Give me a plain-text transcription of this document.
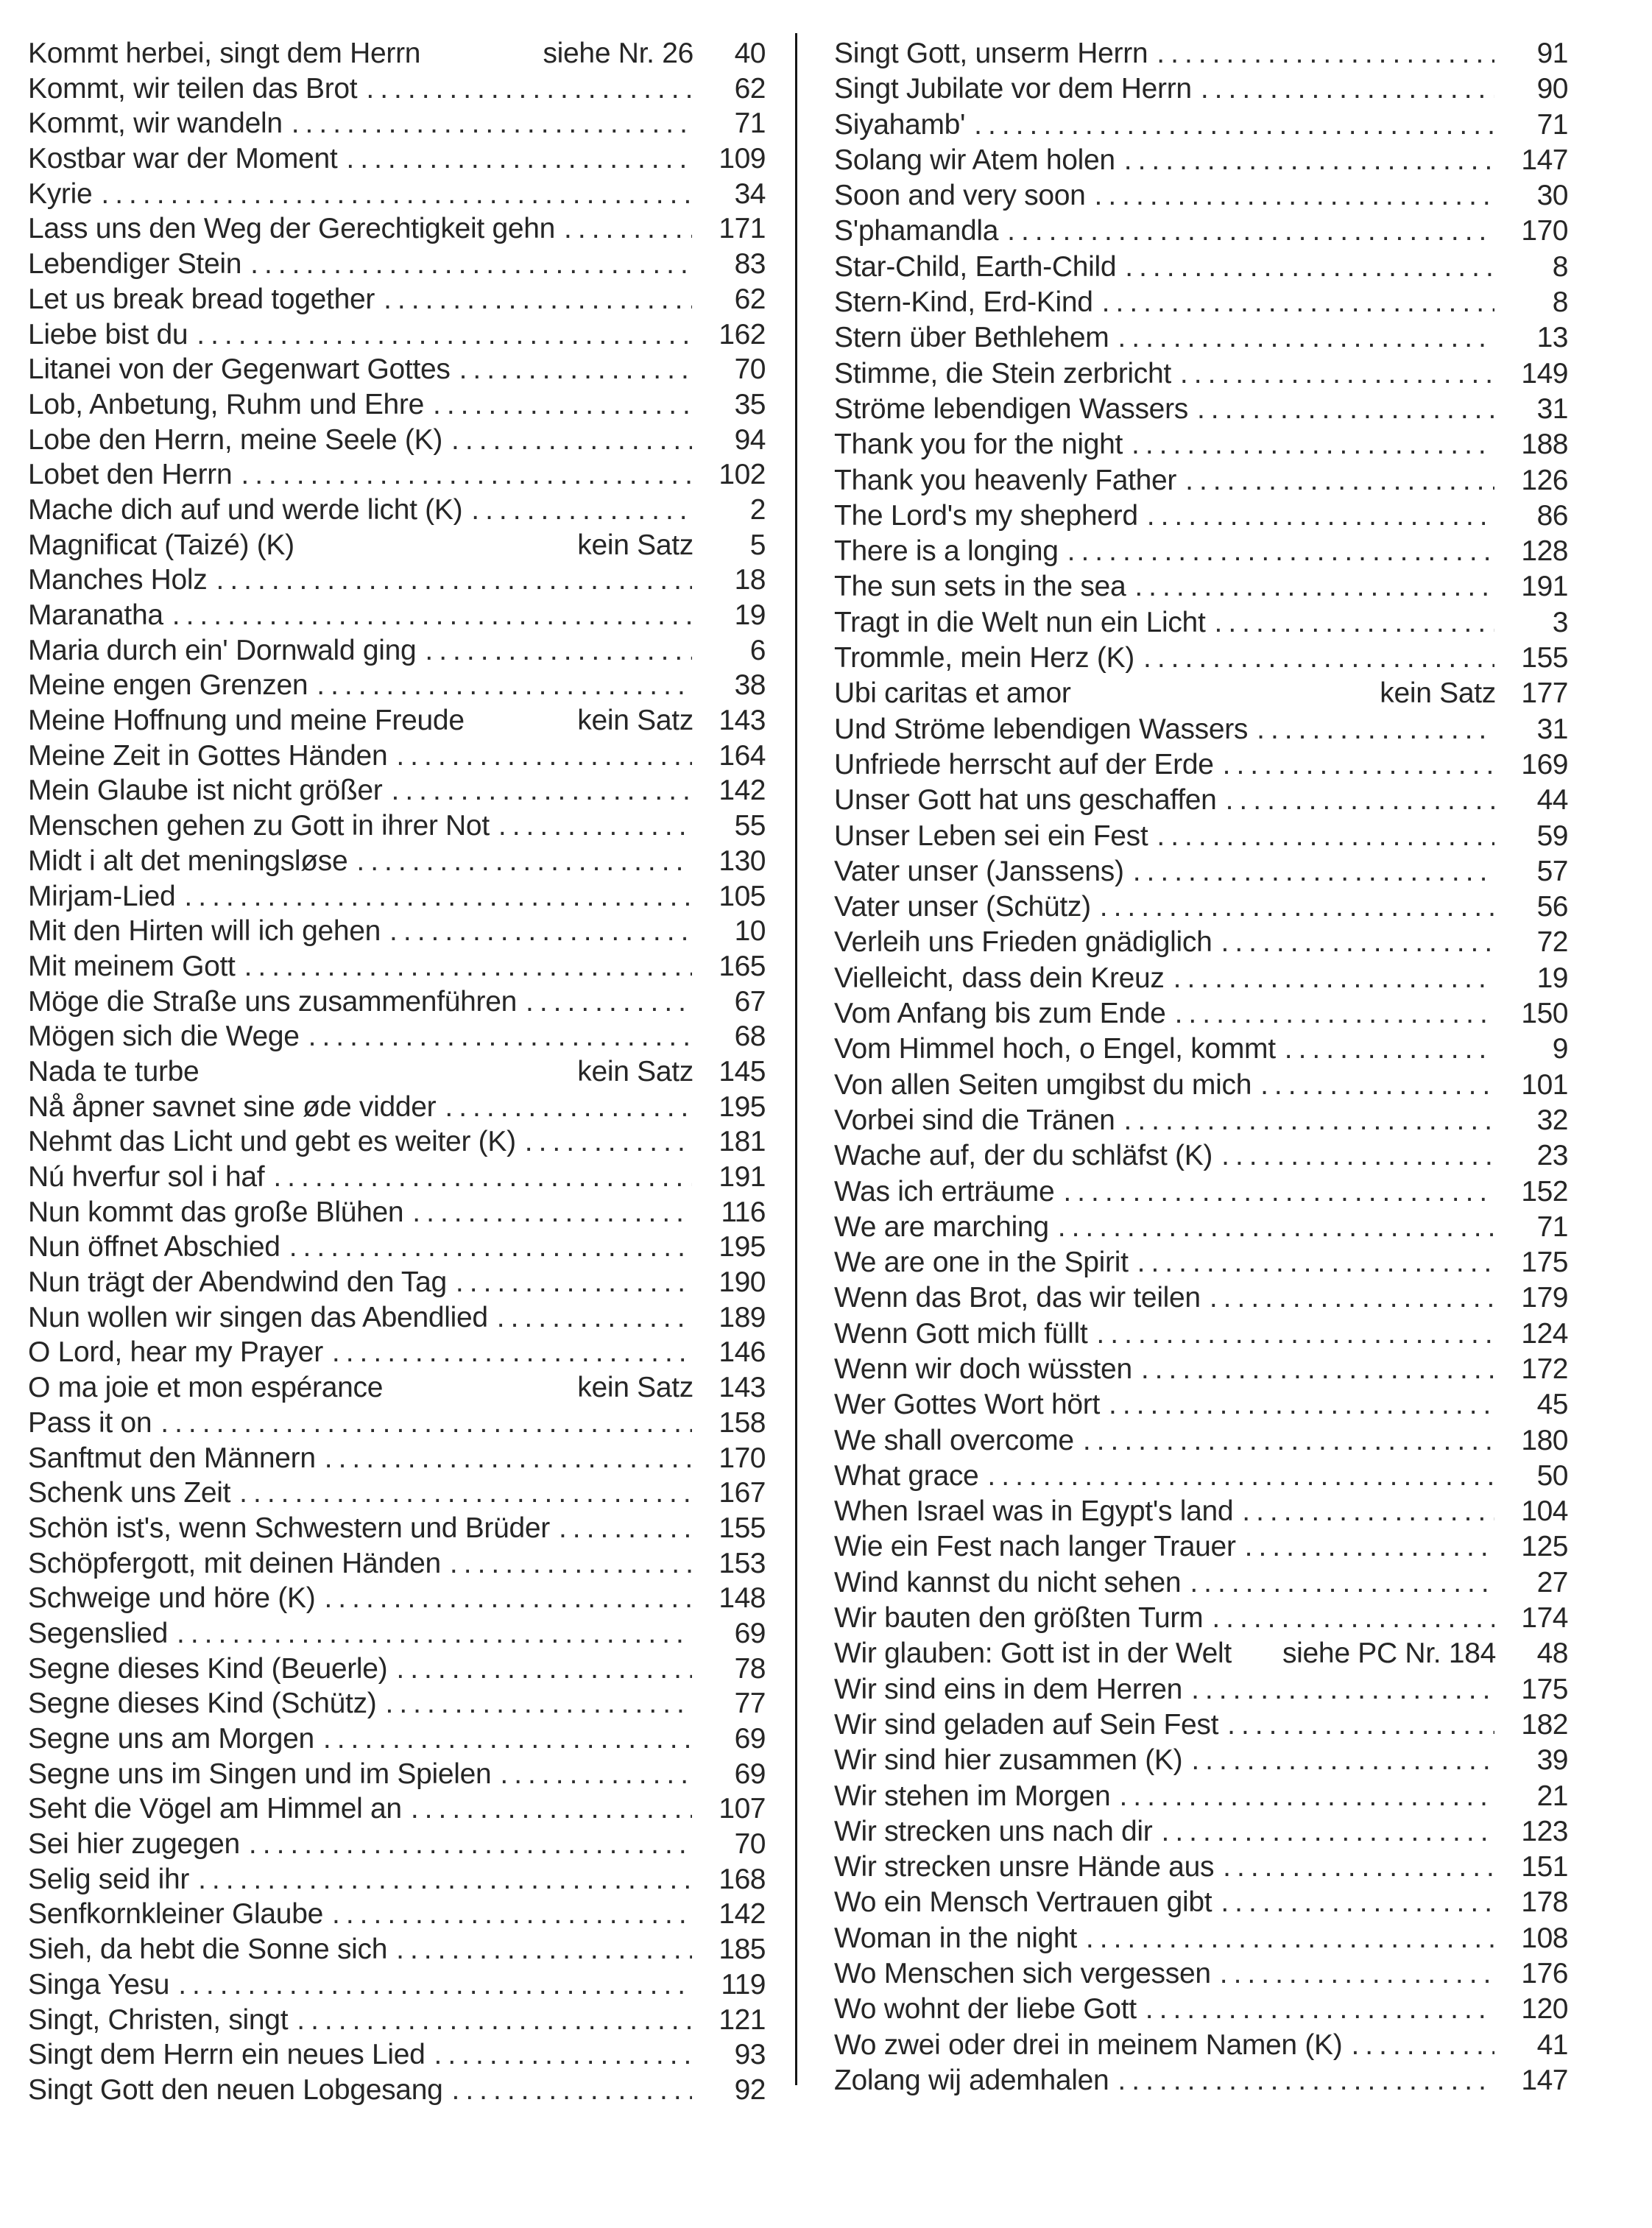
Kommt herbei, singt dem Herrn	siehe Nr. 26	40
Kommt, wir teilen das Brot .....	62
Kommt, wir wandeln .....	71
Kostbar war der Moment .....	109
Kyrie .....	34
Lass uns den Weg der Gerechtigkeit gehn .....	171
Lebendiger Stein .....	83
Let us break bread together .....	62
Liebe bist du .....	162
Litanei von der Gegenwart Gottes .....	70
Lob, Anbetung, Ruhm und Ehre .....	35
Lobe den Herrn, meine Seele (K) .....	94
Lobet den Herrn .....	102
Mache dich auf und werde licht (K) .....	2
Magnificat (Taizé) (K)	kein Satz	5
Manches Holz .....	18
Maranatha .....	19
Maria durch ein' Dornwald ging .....	6
Meine engen Grenzen .....	38
Meine Hoffnung und meine Freude	kein Satz 143
Meine Zeit in Gottes Händen .....	164
Mein Glaube ist nicht größer .....	142
Menschen gehen zu Gott in ihrer Not .....	55
Midt i alt det meningsløse .....	130
Mirjam-Lied .....	105
Mit den Hirten will ich gehen .....	10
Mit meinem Gott .....	165
Möge die Straße uns zusammenführen .....	67
Mögen sich die Wege .....	68
Nada te turbe	kein Satz 145
Nå åpner savnet sine øde vidder .....	195
Nehmt das Licht und gebt es weiter (K) .....	181
Nú hverfur sol i haf .....	191
Nun kommt das große Blühen .....	116
Nun öffnet Abschied .....	195
Nun trägt der Abendwind den Tag .....	190
Nun wollen wir singen das Abendlied .....	189
O Lord, hear my Prayer .....	146
O ma joie et mon espérance	kein Satz 143
Pass it on .....	158
Sanftmut den Männern .....	170
Schenk uns Zeit .....	167
Schön ist's, wenn Schwestern und Brüder .....	155
Schöpfergott, mit deinen Händen .....	153
Schweige und höre (K) .....	148
Segenslied .....	69
Segne dieses Kind (Beuerle) .....	78
Segne dieses Kind (Schütz) .....	77
Segne uns am Morgen .....	69
Segne uns im Singen und im Spielen .....	69
Seht die Vögel am Himmel an .....	107
Sei hier zugegen .....	70
Selig seid ihr .....	168
Senfkornkleiner Glaube .....	142
Sieh, da hebt die Sonne sich .....	185
Singa Yesu .....	119
Singt, Christen, singt .....	121
Singt dem Herrn ein neues Lied .....	93
Singt Gott den neuen Lobgesang .....	92
Singt Gott, unserm Herrn .....	91
Singt Jubilate vor dem Herrn .....	90
Siyahamb' .....	71
Solang wir Atem holen .....	147
Soon and very soon .....	30
S'phamandla .....	170
Star-Child, Earth-Child .....	8
Stern-Kind, Erd-Kind .....	8
Stern über Bethlehem .....	13
Stimme, die Stein zerbricht .....	149
Ströme lebendigen Wassers .....	31
Thank you for the night .....	188
Thank you heavenly Father .....	126
The Lord's my shepherd .....	86
There is a longing .....	128
The sun sets in the sea .....	191
Tragt in die Welt nun ein Licht .....	3
Trommle, mein Herz (K) .....	155
Ubi caritas et amor	kein Satz 177
Und Ströme lebendigen Wassers .....	31
Unfriede herrscht auf der Erde .....	169
Unser Gott hat uns geschaffen .....	44
Unser Leben sei ein Fest .....	59
Vater unser (Janssens) .....	57
Vater unser (Schütz) .....	56
Verleih uns Frieden gnädiglich .....	72
Vielleicht, dass dein Kreuz .....	19
Vom Anfang bis zum Ende .....	150
Vom Himmel hoch, o Engel, kommt .....	9
Von allen Seiten umgibst du mich .....	101
Vorbei sind die Tränen .....	32
Wache auf, der du schläfst (K) .....	23
Was ich erträume .....	152
We are marching .....	71
We are one in the Spirit .....	175
Wenn das Brot, das wir teilen .....	179
Wenn Gott mich füllt .....	124
Wenn wir doch wüssten .....	172
Wer Gottes Wort hört .....	45
We shall overcome .....	180
What grace .....	50
When Israel was in Egypt's land .....	104
Wie ein Fest nach langer Trauer .....	125
Wind kannst du nicht sehen .....	27
Wir bauten den größten Turm .....	174
Wir glauben: Gott ist in der Welt siehe PC Nr. 184	48
Wir sind eins in dem Herren .....	175
Wir sind geladen auf Sein Fest .....	182
Wir sind hier zusammen (K) .....	39
Wir stehen im Morgen .....	21
Wir strecken uns nach dir .....	123
Wir strecken unsre Hände aus .....	151
Wo ein Mensch Vertrauen gibt .....	178
Woman in the night .....	108
Wo Menschen sich vergessen .....	176
Wo wohnt der liebe Gott .....	120
Wo zwei oder drei in meinem Namen (K) .....	41
Zolang wij ademhalen .....	147
